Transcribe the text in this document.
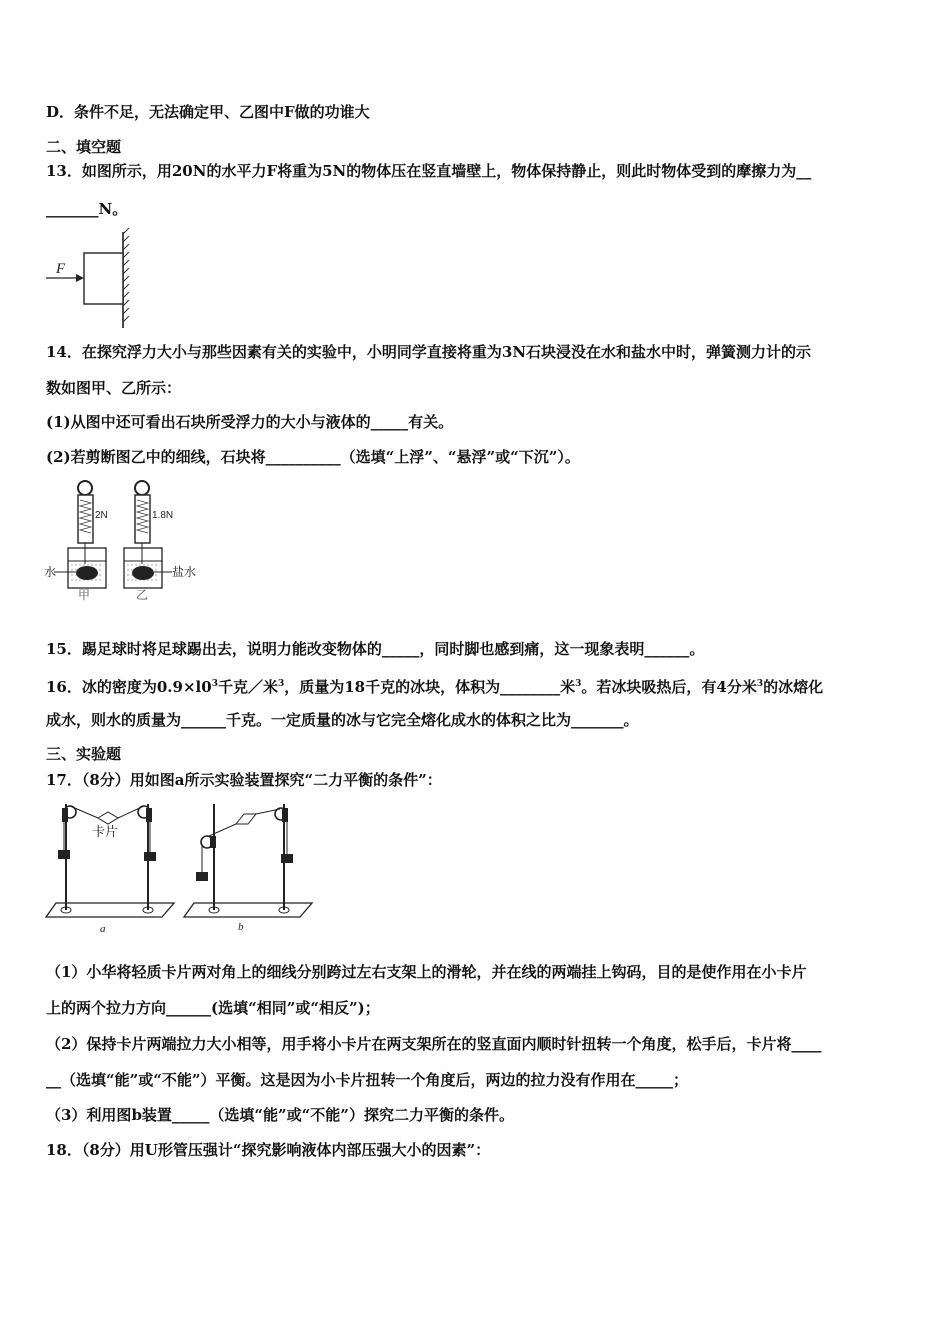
D．条件不足，无法确定甲、乙图中F做的功谁大
二、填空题
13．如图所示，用20N的水平力F将重为5N的物体压在竖直墙壁上，物体保持静止，则此时物体受到的摩擦力为__
_______N。
F
14．在探究浮力大小与那些因素有关的实验中，小明同学直接将重为3N石块浸没在水和盐水中时，弹簧测力计的示
数如图甲、乙所示：
(1)从图中还可看出石块所受浮力的大小与液体的_____有关。
(2)若剪断图乙中的细线，石块将__________（选填“上浮”、“悬浮”或“下沉”）。
2N
水
甲
1.8N
盐水
乙
15．踢足球时将足球踢出去，说明力能改变物体的_____，同时脚也感到痛，这一现象表明______。
16．冰的密度为$0.9\times l0^3$千克／米$^3$，质量为18千克的冰块，体积为________米$^3$。若冰块吸热后，有4分米$^3$的冰熔化
成水，则水的质量为______千克。一定质量的冰与它完全熔化成水的体积之比为_______。
三、实验题
17．（8分）用如图a所示实验装置探究“二力平衡的条件”：
卡片
a	b
（1）小华将轻质卡片两对角上的细线分别跨过左右支架上的滑轮，并在线的两端挂上钩码，目的是使作用在小卡片
上的两个拉力方向______(选填“相同”或“相反”)；
（2）保持卡片两端拉力大小相等，用手将小卡片在两支架所在的竖直面内顺时针扭转一个角度，松手后，卡片将____
__（选填“能”或“不能”）平衡。这是因为小卡片扭转一个角度后，两边的拉力没有作用在_____；
（3）利用图b装置_____（选填“能”或“不能”）探究二力平衡的条件。
18．（8分）用U形管压强计“探究影响液体内部压强大小的因素”：
